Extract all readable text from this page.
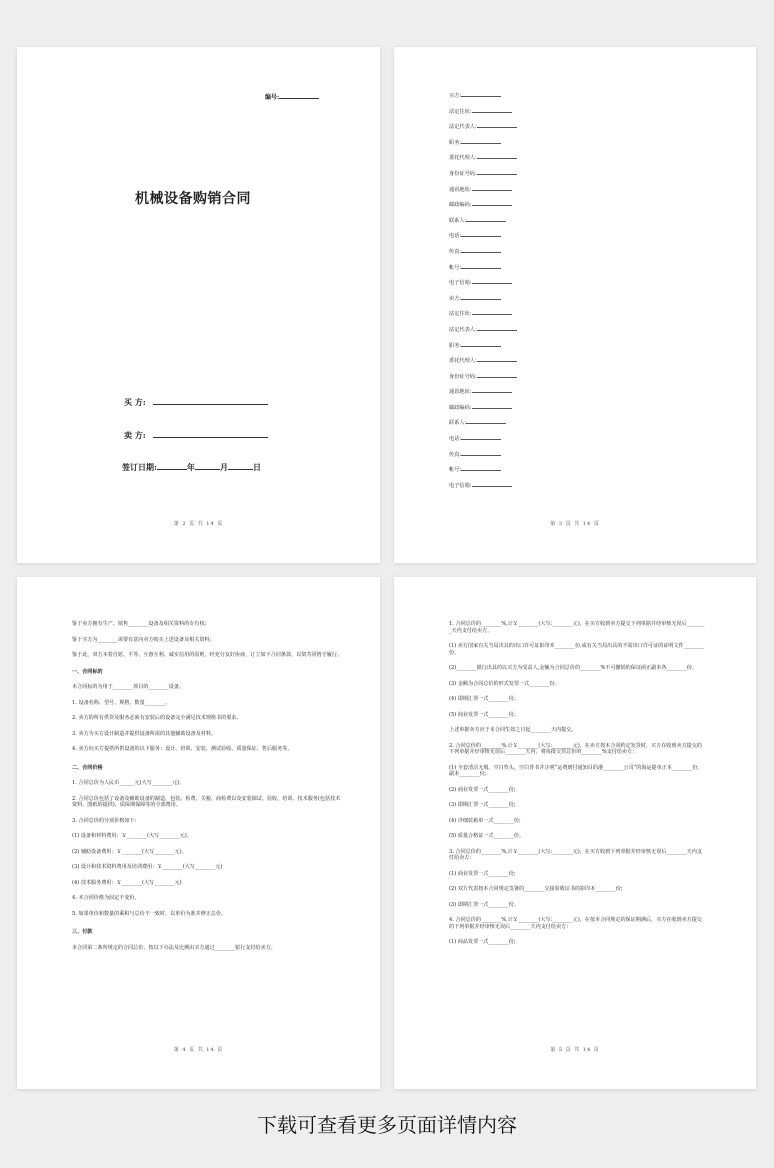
编号:
机械设备购销合同
买 方:
卖 方:
签订日期:	年	月	日
第 2 页 共 14 页
买方:
法定住址:
法定代表人:
职务:
委托代理人:
身份证号码:
通讯地址:
邮政编码:
联系人:
电话:
传真:
帐号:
电子信箱:
卖方:
法定住址:
法定代表人:
职务:
委托代理人:
身份证号码:
通讯地址:
邮政编码:
联系人:
电话:
传真:
帐号:
电子信箱:
第 3 页 共 14 页
鉴于卖方拥有生产、销售________设备及相关资料的专有权;
鉴于买方为________需要有意向卖方购买上述设备及相关资料;
鉴于此，双方本着自愿、平等、互惠互利、诚实信用的原则，经充分友好协商，订立如下合同条款，以资共同恪守履行。
一、合同标的
本合同标的为用于________项目的________设备。
1. 设备名称、型号、规格、数量________。
2. 卖方的所有供货及服务必须有安装后的设备完全满足技术规格书的要求。
3. 卖方为买方设计制造并提供设备所需的其他辅助设备及材料。
4. 卖方向买方提供所供设备的以下服务：设计、培训、安装、测试验收、质量保证、售后服务等。
二、合同价格
1. 合同总价为人民币______元(大写________元)。
2. 合同总价包括了设备及辅助设备的制造、包装、检费、关税、商检费以及安装调试、验收、培训、技术服务(包括技术资料、图纸的提供)、质保期保障等的全部费用。
3. 合同总价的分项价格如下：
(1) 设备和材料费用：￥________(大写________元)。
(2) 辅助设备费用：￥________(大写________元)。
(3) 设计和技术资料费用及培训费用：￥________(大写________元)
(4) 技术服务费用：￥________(大写________元)
4. 本合同价格为固定不变价。
5. 如果单价和数量的乘积与总价不一致时，以单价为准并修正总价。
三、付款
本合同第二条所规定的合同总价，按以下办法及比例由买方通过________银行支付给卖方。
第 4 页 共 14 页
1. 合同总价的________%,计￥________(大写:________元)，在买方收到卖方提交下列单据并经审核无误后________天内支付给卖方。
(1) 卖方国家有关当局出具的出口许可证影印本________份,或有关当局出具的不需出口许可证的证明文件________份。
(2)________银行出具的以买方为受益人,金额为合同总价的________%不可撤销的保证函正副本各________份。
(3) 金额为合同总价的形式发票一式________份。
(4) 即期汇票一式________份。
(5) 商业发票一式________份。
上述单据卖方应于本合同生效之日起________天内提交。
2. 合同总价的________%,计￥________(大写:________元)，在卖方按本合同约定发货时，买方在收到卖方提交的下列单据并经审核无误后________天内，将每批交货总价的________%支付给卖方：
(1) 全套清洁无瑕、空白背头、空白背书并注明“运费到付通知目的港________公司”的海运提单正本________份，副本________份;
(2) 商业发票一式________份;
(3) 即期汇票一式________份;
(4) 详细装箱单一式________份;
(5) 质量合格证一式________份。
3. 合同总价的________%,计￥________(大写:________元)，在买方收到下列单据并经审核无误后________天内支付给卖方：
(1) 商业发票一式________份;
(2) 双方代表按本合同规定签署的________交接验收证书的影印本________份;
(3) 即期汇票一式________份。
4. 合同总价的________%,计￥________(大写:________元)，在按本合同规定的保证期满后，买方在收到卖方提交的下列单据并经审核无误后________天内支付给卖方：
(1) 商品发票一式________份;
第 5 页 共 14 页
下载可查看更多页面详情内容
